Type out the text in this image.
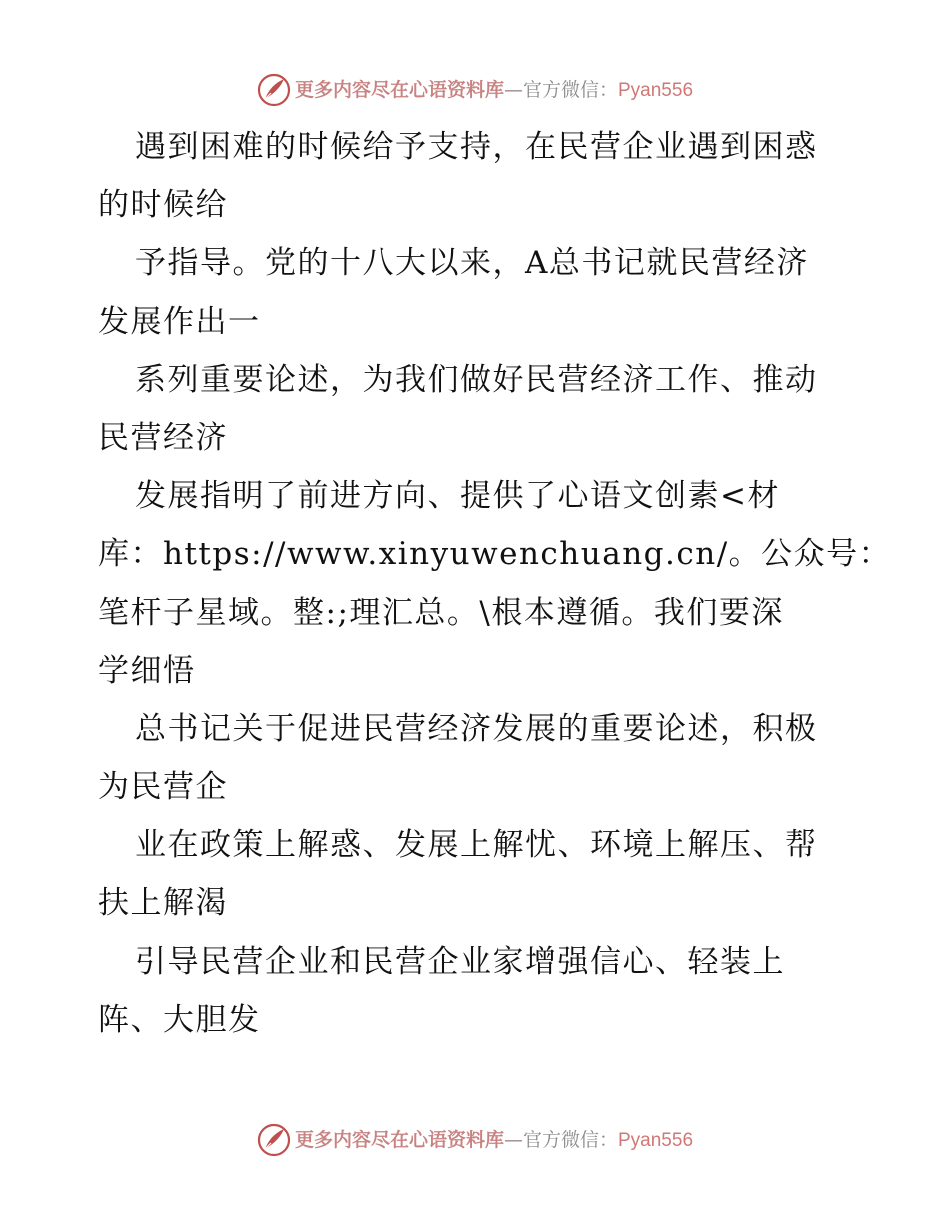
更多内容尽在心语资料库—官方微信：Pyan556
遇到困难的时候给予支持，在民营企业遇到困惑
的时候给
予指导。党的十八大以来，A总书记就民营经济
发展作出一
系列重要论述，为我们做好民营经济工作、推动
民营经济
发展指明了前进方向、提供了心语文创素<材
库：https://www.xinyuwenchuang.cn/。公众号：
笔杆子星域。整:;理汇总。\根本遵循。我们要深
学细悟
总书记关于促进民营经济发展的重要论述，积极
为民营企
业在政策上解惑、发展上解忧、环境上解压、帮
扶上解渴
引导民营企业和民营企业家增强信心、轻装上
阵、大胆发
更多内容尽在心语资料库—官方微信：Pyan556
